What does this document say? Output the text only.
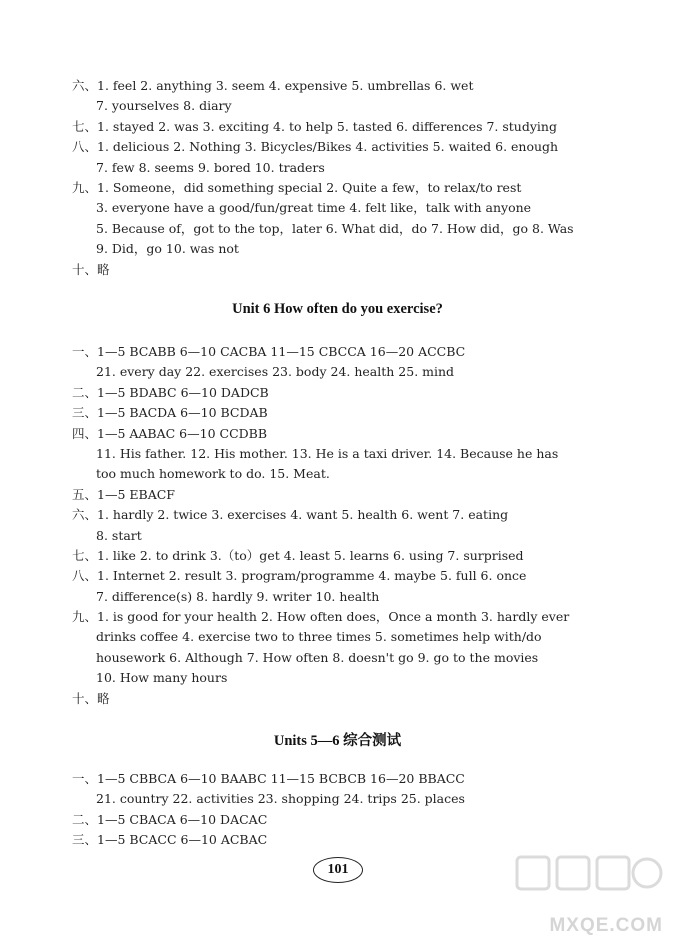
六、1. feel 2. anything 3. seem 4. expensive 5. umbrellas 6. wet
7. yourselves 8. diary
七、1. stayed 2. was 3. exciting 4. to help 5. tasted 6. differences 7. studying
八、1. delicious 2. Nothing 3. Bicycles/Bikes 4. activities 5. waited 6. enough
7. few 8. seems 9. bored 10. traders
九、1. Someone，did something special 2. Quite a few，to relax/to rest
3. everyone have a good/fun/great time 4. felt like，talk with anyone
5. Because of，got to the top，later 6. What did，do 7. How did，go 8. Was
9. Did，go 10. was not
十、略
Unit 6 How often do you exercise?
一、1—5 BCABB 6—10 CACBA 11—15 CBCCA 16—20 ACCBC
21. every day 22. exercises 23. body 24. health 25. mind
二、1—5 BDABC 6—10 DADCB
三、1—5 BACDA 6—10 BCDAB
四、1—5 AABAC 6—10 CCDBB
11. His father. 12. His mother. 13. He is a taxi driver. 14. Because he has
too much homework to do. 15. Meat.
五、1—5 EBACF
六、1. hardly 2. twice 3. exercises 4. want 5. health 6. went 7. eating
8. start
七、1. like 2. to drink 3.（to）get 4. least 5. learns 6. using 7. surprised
八、1. Internet 2. result 3. program/programme 4. maybe 5. full 6. once
7. difference(s) 8. hardly 9. writer 10. health
九、1. is good for your health 2. How often does，Once a month 3. hardly ever
drinks coffee 4. exercise two to three times 5. sometimes help with/do
housework 6. Although 7. How often 8. doesn't go 9. go to the movies
10. How many hours
十、略
Units 5—6 综合测试
一、1—5 CBBCA 6—10 BAABC 11—15 BCBCB 16—20 BBACC
21. country 22. activities 23. shopping 24. trips 25. places
二、1—5 CBACA 6—10 DACAC
三、1—5 BCACC 6—10 ACBAC
101
MXQE.COM
